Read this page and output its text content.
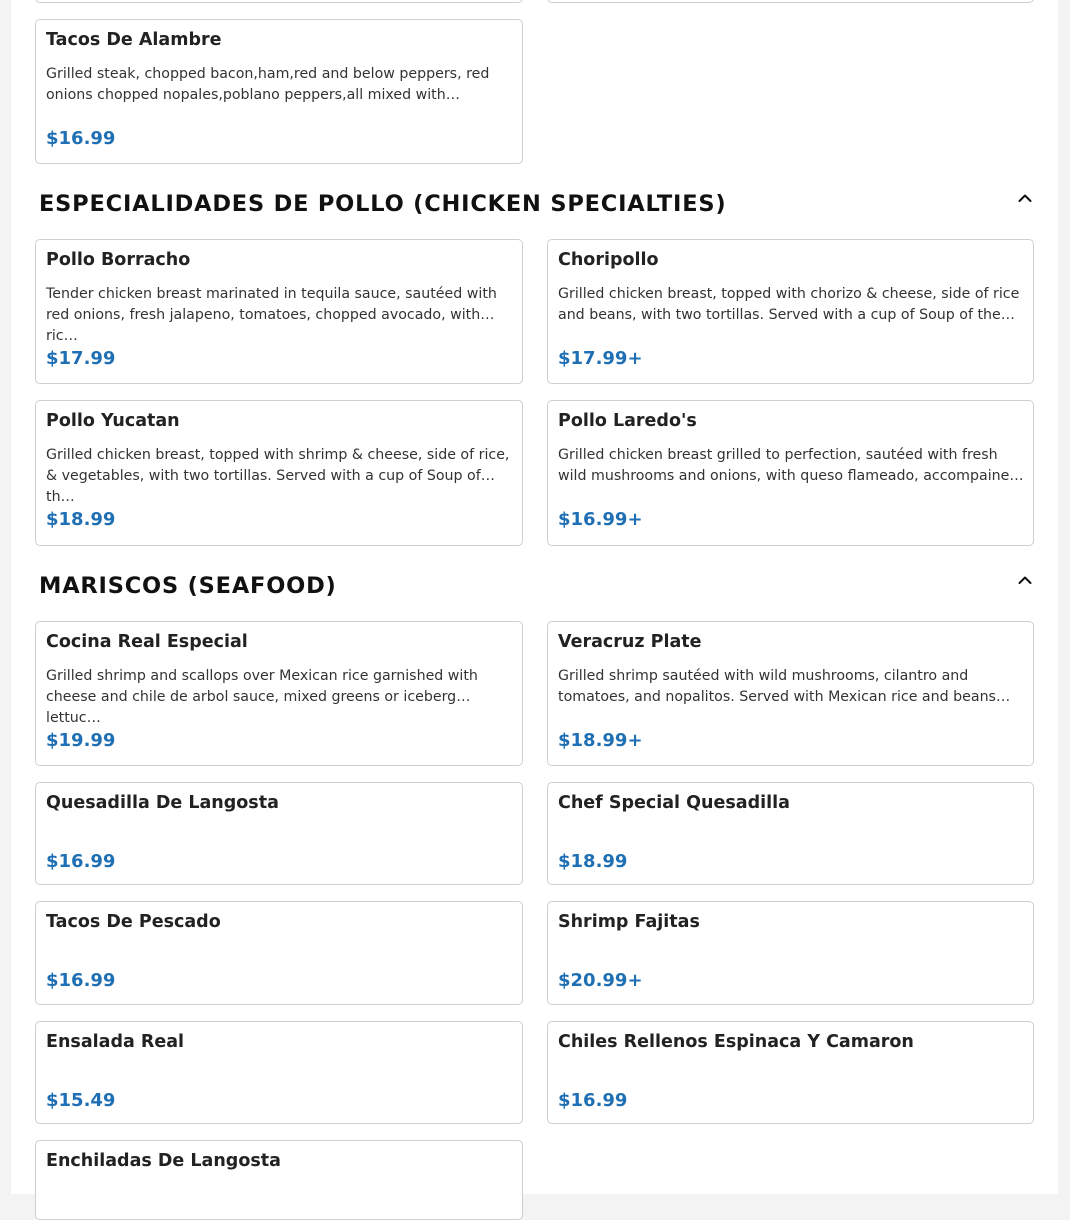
Tacos De Alambre
Grilled steak, chopped bacon,ham,red and below peppers, red onions chopped nopales,poblano peppers,all mixed with…
$16.99
ESPECIALIDADES DE POLLO (CHICKEN SPECIALTIES)
Pollo Borracho
Tender chicken breast marinated in tequila sauce, sautéed with red onions, fresh jalapeno, tomatoes, chopped avocado, with ric…
$17.99
Choripollo
Grilled chicken breast, topped with chorizo & cheese, side of rice and beans, with two tortillas. Served with a cup of Soup of the…
$17.99+
Pollo Yucatan
Grilled chicken breast, topped with shrimp & cheese, side of rice, & vegetables, with two tortillas. Served with a cup of Soup of th…
$18.99
Pollo Laredo's
Grilled chicken breast grilled to perfection, sautéed with fresh wild mushrooms and onions, with queso flameado, accompaine…
$16.99+
MARISCOS (SEAFOOD)
Cocina Real Especial
Grilled shrimp and scallops over Mexican rice garnished with cheese and chile de arbol sauce, mixed greens or iceberg lettuc…
$19.99
Veracruz Plate
Grilled shrimp sautéed with wild mushrooms, cilantro and tomatoes, and nopalitos. Served with Mexican rice and beans…
$18.99+
Quesadilla De Langosta
$16.99
Chef Special Quesadilla
$18.99
Tacos De Pescado
$16.99
Shrimp Fajitas
$20.99+
Ensalada Real
$15.49
Chiles Rellenos Espinaca Y Camaron
$16.99
Enchiladas De Langosta
